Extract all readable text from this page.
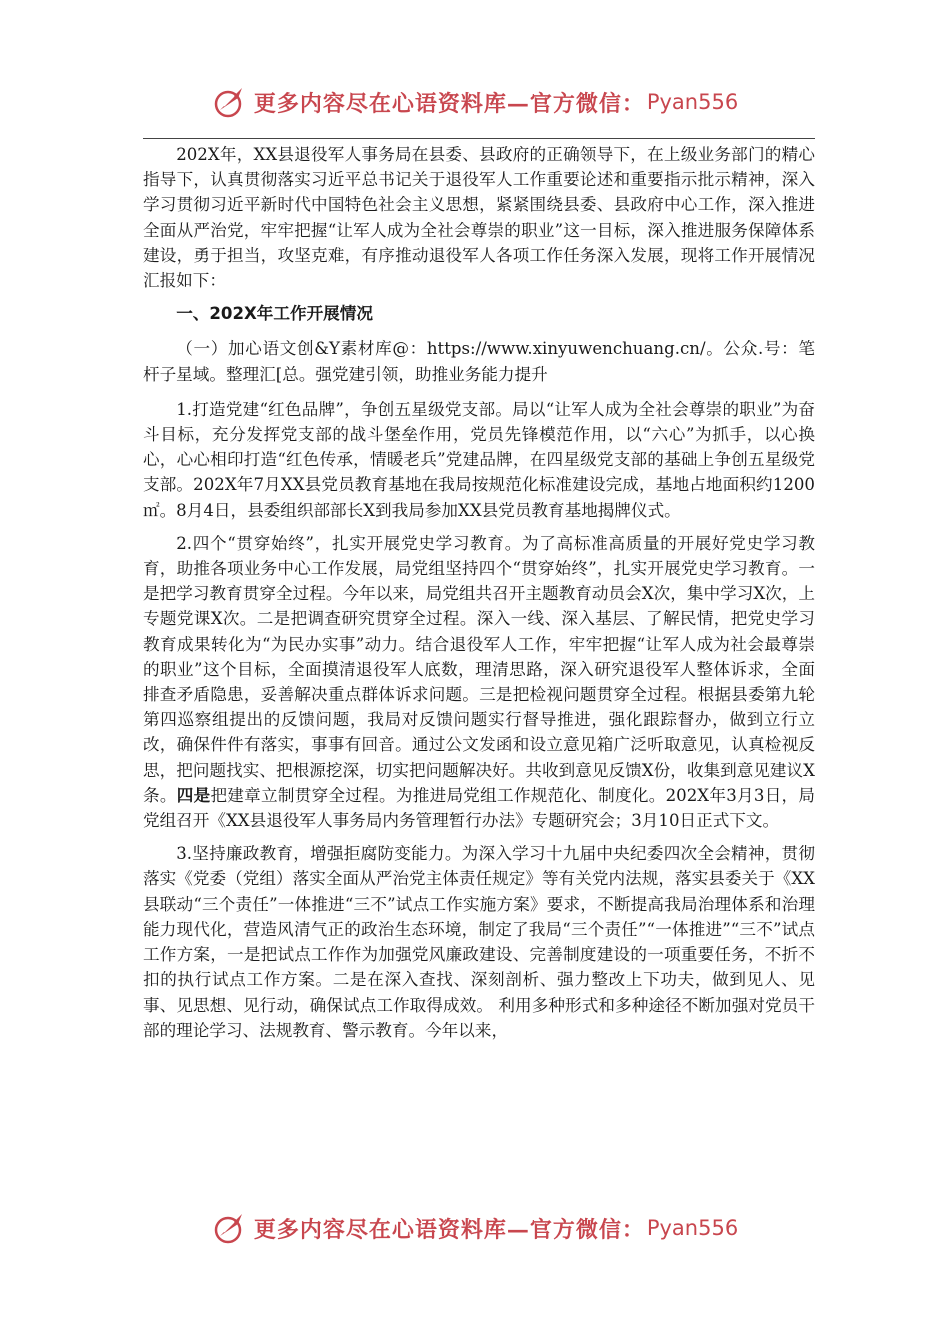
更多内容尽在心语资料库—官方微信： Pyan556

202X年，XX县退役军人事务局在县委、县政府的正确领导下，在上级业务部门的精心指导下，认真贯彻落实习近平总书记关于退役军人工作重要论述和重要指示批示精神，深入学习贯彻习近平新时代中国特色社会主义思想，紧紧围绕县委、县政府中心工作，深入推进全面从严治党，牢牢把握“让军人成为全社会尊崇的职业”这一目标，深入推进服务保障体系建设，勇于担当，攻坚克难，有序推动退役军人各项工作任务深入发展，现将工作开展情况汇报如下：

一、202X年工作开展情况

（一）加心语文创&Y素材库@：https://www.xinyuwenchuang.cn/。公众.号：笔杆子星域。整理汇[总。强党建引领，助推业务能力提升

1.打造党建“红色品牌”，争创五星级党支部。局以“让军人成为全社会尊崇的职业”为奋斗目标，充分发挥党支部的战斗堡垒作用，党员先锋模范作用，以“六心”为抓手，以心换心，心心相印打造“红色传承，情暖老兵”党建品牌，在四星级党支部的基础上争创五星级党支部。202X年7月XX县党员教育基地在我局按规范化标准建设完成，基地占地面积约1200㎡。8月4日，县委组织部部长X到我局参加XX县党员教育基地揭牌仪式。

2.四个“贯穿始终”，扎实开展党史学习教育。为了高标准高质量的开展好党史学习教育，助推各项业务中心工作发展，局党组坚持四个“贯穿始终”，扎实开展党史学习教育。一是把学习教育贯穿全过程。今年以来，局党组共召开主题教育动员会X次，集中学习X次，上专题党课X次。二是把调查研究贯穿全过程。深入一线、深入基层、了解民情，把党史学习教育成果转化为“为民办实事”动力。结合退役军人工作，牢牢把握“让军人成为社会最尊崇的职业”这个目标，全面摸清退役军人底数，理清思路，深入研究退役军人整体诉求，全面排查矛盾隐患，妥善解决重点群体诉求问题。三是把检视问题贯穿全过程。根据县委第九轮第四巡察组提出的反馈问题，我局对反馈问题实行督导推进，强化跟踪督办，做到立行立改，确保件件有落实，事事有回音。通过公文发函和设立意见箱广泛听取意见，认真检视反思，把问题找实、把根源挖深，切实把问题解决好。共收到意见反馈X份，收集到意见建议X条。四是把建章立制贯穿全过程。为推进局党组工作规范化、制度化。202X年3月3日，局党组召开《XX县退役军人事务局内务管理暂行办法》专题研究会；3月10日正式下文。

3.坚持廉政教育，增强拒腐防变能力。为深入学习十九届中央纪委四次全会精神，贯彻落实《党委（党组）落实全面从严治党主体责任规定》等有关党内法规，落实县委关于《XX县联动“三个责任”一体推进“三不”试点工作实施方案》要求，不断提高我局治理体系和治理能力现代化，营造风清气正的政治生态环境，制定了我局“三个责任”“一体推进”“三不”试点工作方案，一是把试点工作作为加强党风廉政建设、完善制度建设的一项重要任务，不折不扣的执行试点工作方案。二是在深入查找、深刻剖析、强力整改上下功夫，做到见人、见事、见思想、见行动，确保试点工作取得成效。 利用多种形式和多种途径不断加强对党员干部的理论学习、法规教育、警示教育。今年以来，

更多内容尽在心语资料库—官方微信： Pyan556
